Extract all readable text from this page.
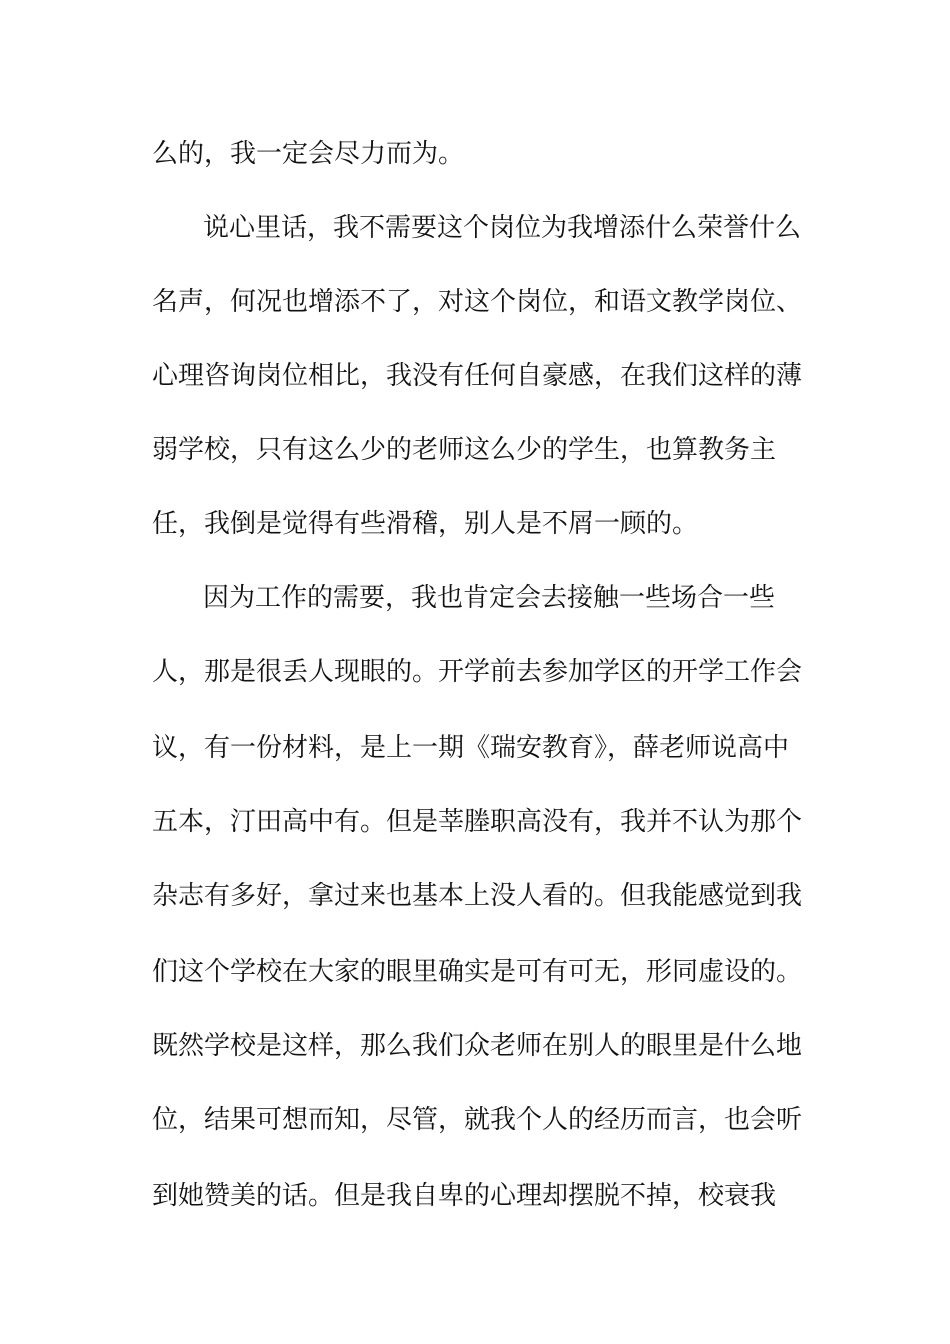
么的，我一定会尽力而为。
说心里话，我不需要这个岗位为我增添什么荣誉什么
名声，何况也增添不了，对这个岗位，和语文教学岗位、
心理咨询岗位相比，我没有任何自豪感，在我们这样的薄
弱学校，只有这么少的老师这么少的学生，也算教务主
任，我倒是觉得有些滑稽，别人是不屑一顾的。
因为工作的需要，我也肯定会去接触一些场合一些
人，那是很丢人现眼的。开学前去参加学区的开学工作会
议，有一份材料，是上一期《瑞安教育》，薛老师说高中
五本，汀田高中有。但是莘塍职高没有，我并不认为那个
杂志有多好，拿过来也基本上没人看的。但我能感觉到我
们这个学校在大家的眼里确实是可有可无，形同虚设的。
既然学校是这样，那么我们众老师在别人的眼里是什么地
位，结果可想而知，尽管，就我个人的经历而言，也会听
到她赞美的话。但是我自卑的心理却摆脱不掉，校衰我
